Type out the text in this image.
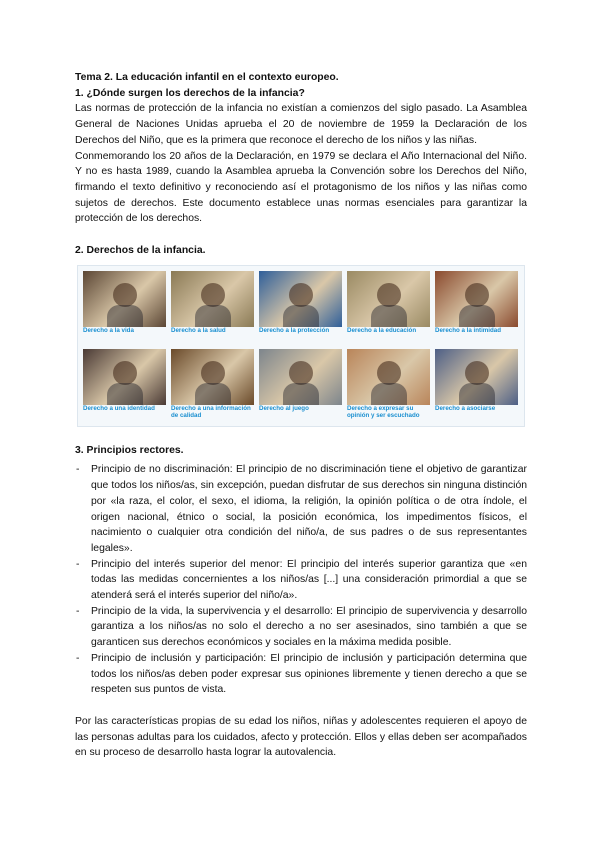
Tema 2. La educación infantil en el contexto europeo.

1. ¿Dónde surgen los derechos de la infancia?

Las normas de protección de la infancia no existían a comienzos del siglo pasado. La Asamblea General de Naciones Unidas aprueba el 20 de noviembre de 1959 la Declaración de los Derechos del Niño, que es la primera que reconoce el derecho de los niños y las niñas.

Conmemorando los 20 años de la Declaración, en 1979 se declara el Año Internacional del Niño. Y no es hasta 1989, cuando la Asamblea aprueba la Convención sobre los Derechos del Niño, firmando el texto definitivo y reconociendo así el protagonismo de los niños y las niñas como sujetos de derechos. Este documento establece unas normas esenciales para garantizar la protección de los derechos.

2. Derechos de la infancia.

Derecho a la vida	Derecho a la salud	Derecho a la protección	Derecho a la educación	Derecho a la intimidad
Derecho a una identidad	Derecho a una información de calidad
Derecho al juego	Derecho a expresar su opinión y ser escuchado
Derecho a asociarse

3. Principios rectores.

- Principio de no discriminación: El principio de no discriminación tiene el objetivo de garantizar que todos los niños/as, sin excepción, puedan disfrutar de sus derechos sin ninguna distinción por «la raza, el color, el sexo, el idioma, la religión, la opinión política o de otra índole, el origen nacional, étnico o social, la posición económica, los impedimentos físicos, el nacimiento o cualquier otra condición del niño/a, de sus padres o de sus representantes legales».
- Principio del interés superior del menor: El principio del interés superior garantiza que «en todas las medidas concernientes a los niños/as [...] una consideración primordial a que se atenderá será el interés superior del niño/a».
- Principio de la vida, la supervivencia y el desarrollo: El principio de supervivencia y desarrollo garantiza a los niños/as no solo el derecho a no ser asesinados, sino también a que se garanticen sus derechos económicos y sociales en la máxima medida posible.
- Principio de inclusión y participación: El principio de inclusión y participación determina que todos los niños/as deben poder expresar sus opiniones libremente y tienen derecho a que se respeten sus puntos de vista.

Por las características propias de su edad los niños, niñas y adolescentes requieren el apoyo de las personas adultas para los cuidados, afecto y protección. Ellos y ellas deben ser acompañados en su proceso de desarrollo hasta lograr la autovalencia.
